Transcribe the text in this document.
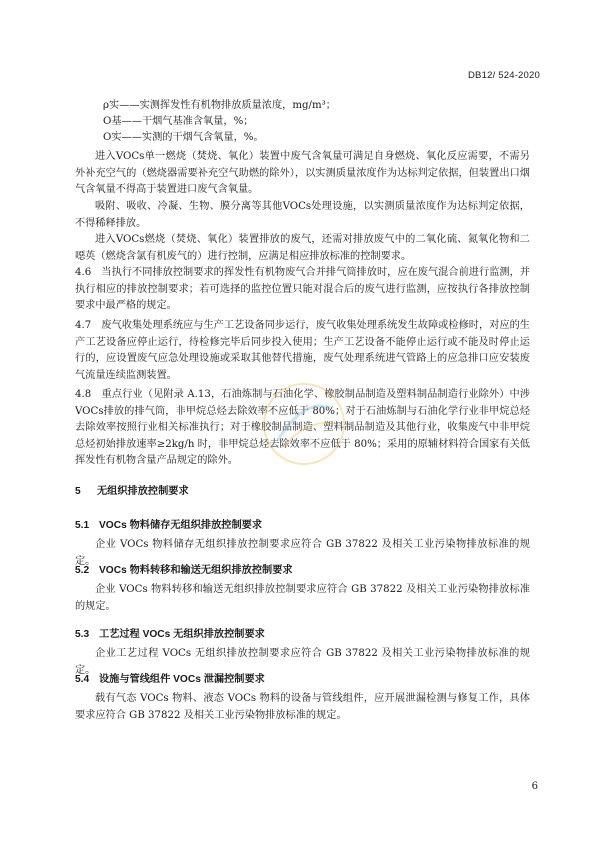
DB12/ 524-2020
ρ实——实测挥发性有机物排放质量浓度，mg/m³；
O基——干烟气基准含氧量，%；
O实——实测的干烟气含氧量，%。
进入VOCs单一燃烧（焚烧、氧化）装置中废气含氧量可满足自身燃烧、氧化反应需要，不需另外补充空气的（燃烧器需要补充空气助燃的除外），以实测质量浓度作为达标判定依据，但装置出口烟气含氧量不得高于装置进口废气含氧量。
吸附、吸收、冷凝、生物、膜分离等其他VOCs处理设施，以实测质量浓度作为达标判定依据，不得稀释排放。
进入VOCs燃烧（焚烧、氧化）装置排放的废气，还需对排放废气中的二氧化硫、氮氧化物和二噁英（燃烧含氯有机废气的）进行控制，应满足相应排放标准的控制要求。
4.6　当执行不同排放控制要求的挥发性有机物废气合并排气筒排放时，应在废气混合前进行监测，并执行相应的排放控制要求；若可选择的监控位置只能对混合后的废气进行监测，应按执行各排放控制要求中最严格的规定。
4.7　废气收集处理系统应与生产工艺设备同步运行，废气收集处理系统发生故障或检修时，对应的生产工艺设备应停止运行，待检修完毕后同步投入使用；生产工艺设备不能停止运行或不能及时停止运行的，应设置废气应急处理设施或采取其他替代措施，废气处理系统进气管路上的应急排口应安装废气流量连续监测装置。
4.8　重点行业（见附录 A.13，石油炼制与石油化学、橡胶制品制造及塑料制品制造行业除外）中涉VOCs排放的排气筒，非甲烷总烃去除效率不应低于 80%；对于石油炼制与石油化学行业非甲烷总烃去除效率按照行业相关标准执行；对于橡胶制品制造、塑料制品制造及其他行业，收集废气中非甲烷总烃初始排放速率≥2kg/h 时，非甲烷总烃去除效率不应低于 80%；采用的原辅材料符合国家有关低挥发性有机物含量产品规定的除外。
5 无组织排放控制要求
5.1 VOCs 物料储存无组织排放控制要求
企业 VOCs 物料储存无组织排放控制要求应符合 GB 37822 及相关工业污染物排放标准的规定。
5.2 VOCs 物料转移和输送无组织排放控制要求
企业 VOCs 物料转移和输送无组织排放控制要求应符合 GB 37822 及相关工业污染物排放标准的规定。
5.3 工艺过程 VOCs 无组织排放控制要求
企业工艺过程 VOCs 无组织排放控制要求应符合 GB 37822 及相关工业污染物排放标准的规定。
5.4 设施与管线组件 VOCs 泄漏控制要求
载有气态 VOCs 物料、液态 VOCs 物料的设备与管线组件，应开展泄漏检测与修复工作，具体要求应符合 GB 37822 及相关工业污染物排放标准的规定。
6
